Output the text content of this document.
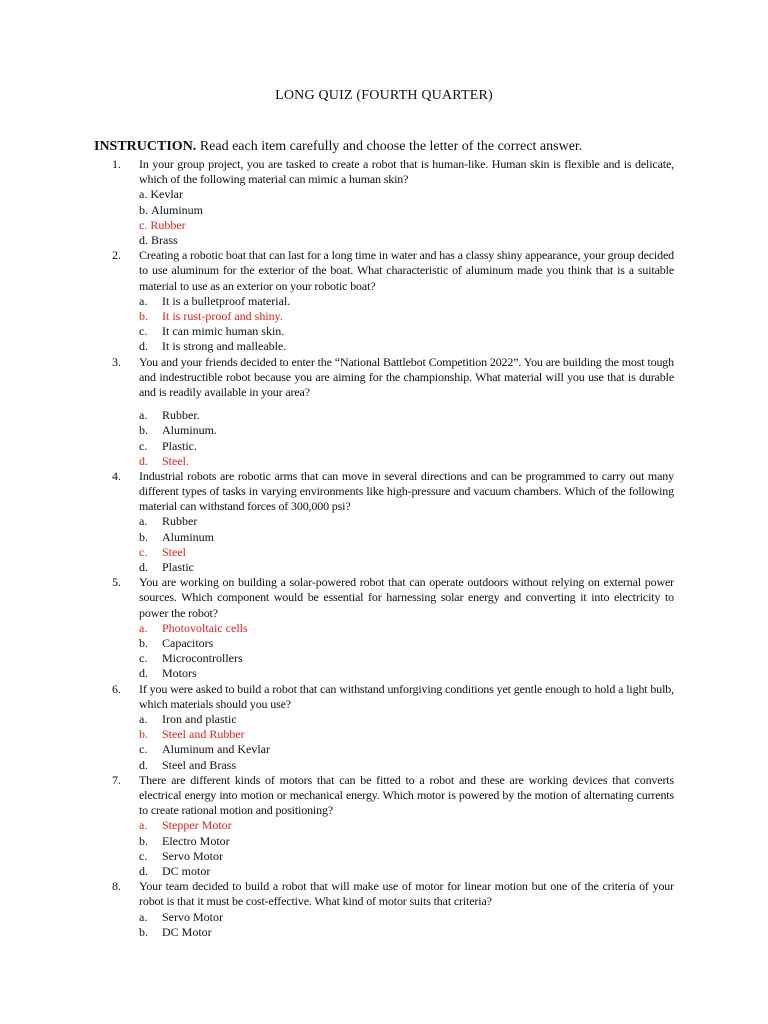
LONG QUIZ (FOURTH QUARTER)
INSTRUCTION. Read each item carefully and choose the letter of the correct answer.
1. In your group project, you are tasked to create a robot that is human-like. Human skin is flexible and is delicate, which of the following material can mimic a human skin?
a. Kevlar
b. Aluminum
c. Rubber
d. Brass
2. Creating a robotic boat that can last for a long time in water and has a classy shiny appearance, your group decided to use aluminum for the exterior of the boat. What characteristic of aluminum made you think that is a suitable material to use as an exterior on your robotic boat?
a. It is a bulletproof material.
b. It is rust-proof and shiny.
c. It can mimic human skin.
d. It is strong and malleable.
3. You and your friends decided to enter the “National Battlebot Competition 2022”. You are building the most tough and indestructible robot because you are aiming for the championship. What material will you use that is durable and is readily available in your area?
a. Rubber.
b. Aluminum.
c. Plastic.
d. Steel.
4. Industrial robots are robotic arms that can move in several directions and can be programmed to carry out many different types of tasks in varying environments like high-pressure and vacuum chambers. Which of the following material can withstand forces of 300,000 psi?
a. Rubber
b. Aluminum
c. Steel
d. Plastic
5. You are working on building a solar-powered robot that can operate outdoors without relying on external power sources. Which component would be essential for harnessing solar energy and converting it into electricity to power the robot?
a. Photovoltaic cells
b. Capacitors
c. Microcontrollers
d. Motors
6. If you were asked to build a robot that can withstand unforgiving conditions yet gentle enough to hold a light bulb, which materials should you use?
a. Iron and plastic
b. Steel and Rubber
c. Aluminum and Kevlar
d. Steel and Brass
7. There are different kinds of motors that can be fitted to a robot and these are working devices that converts electrical energy into motion or mechanical energy. Which motor is powered by the motion of alternating currents to create rational motion and positioning?
a. Stepper Motor
b. Electro Motor
c. Servo Motor
d. DC motor
8. Your team decided to build a robot that will make use of motor for linear motion but one of the criteria of your robot is that it must be cost-effective. What kind of motor suits that criteria?
a. Servo Motor
b. DC Motor
